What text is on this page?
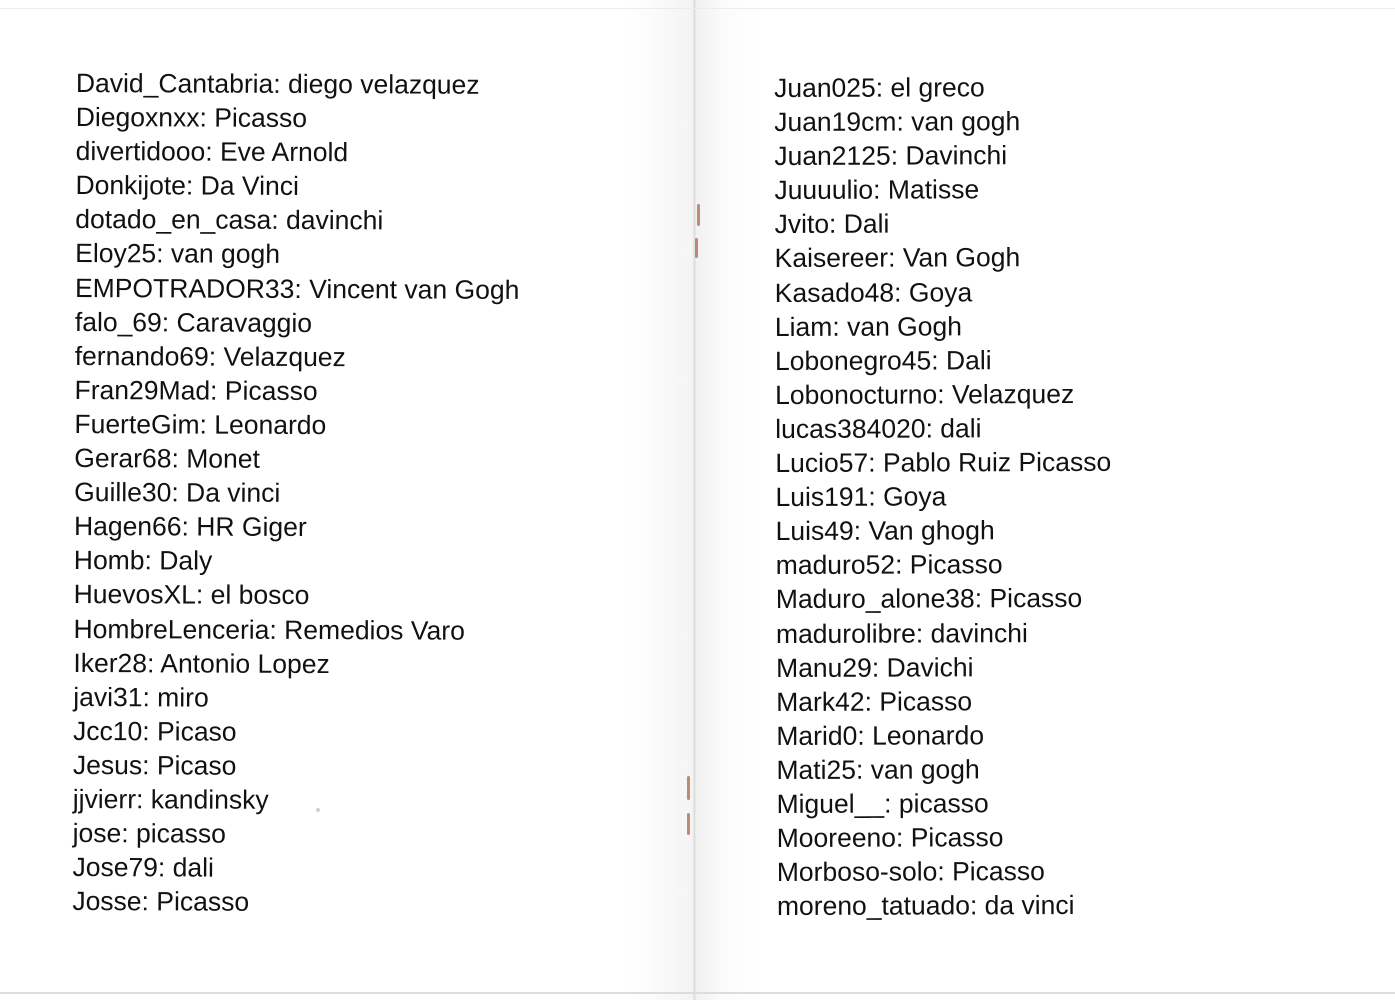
David_Cantabria: diego velazquez
Diegoxnxx: Picasso
divertidooo: Eve Arnold
Donkijote: Da Vinci
dotado_en_casa: davinchi
Eloy25: van gogh
EMPOTRADOR33: Vincent van Gogh
falo_69: Caravaggio
fernando69: Velazquez
Fran29Mad: Picasso
FuerteGim: Leonardo
Gerar68: Monet
Guille30: Da vinci
Hagen66: HR Giger
Homb: Daly
HuevosXL: el bosco
HombreLenceria: Remedios Varo
Iker28: Antonio Lopez
javi31: miro
Jcc10: Picaso
Jesus: Picaso
jjvierr: kandinsky
jose: picasso
Jose79: dali
Josse: Picasso
Juan025: el greco
Juan19cm: van gogh
Juan2125: Davinchi
Juuuulio: Matisse
Jvito: Dali
Kaisereer: Van Gogh
Kasado48: Goya
Liam: van Gogh
Lobonegro45: Dali
Lobonocturno: Velazquez
lucas384020: dali
Lucio57: Pablo Ruiz Picasso
Luis191: Goya
Luis49: Van ghogh
maduro52: Picasso
Maduro_alone38: Picasso
madurolibre: davinchi
Manu29: Davichi
Mark42: Picasso
Marid0: Leonardo
Mati25: van gogh
Miguel__: picasso
Mooreeno: Picasso
Morboso-solo: Picasso
moreno_tatuado: da vinci
